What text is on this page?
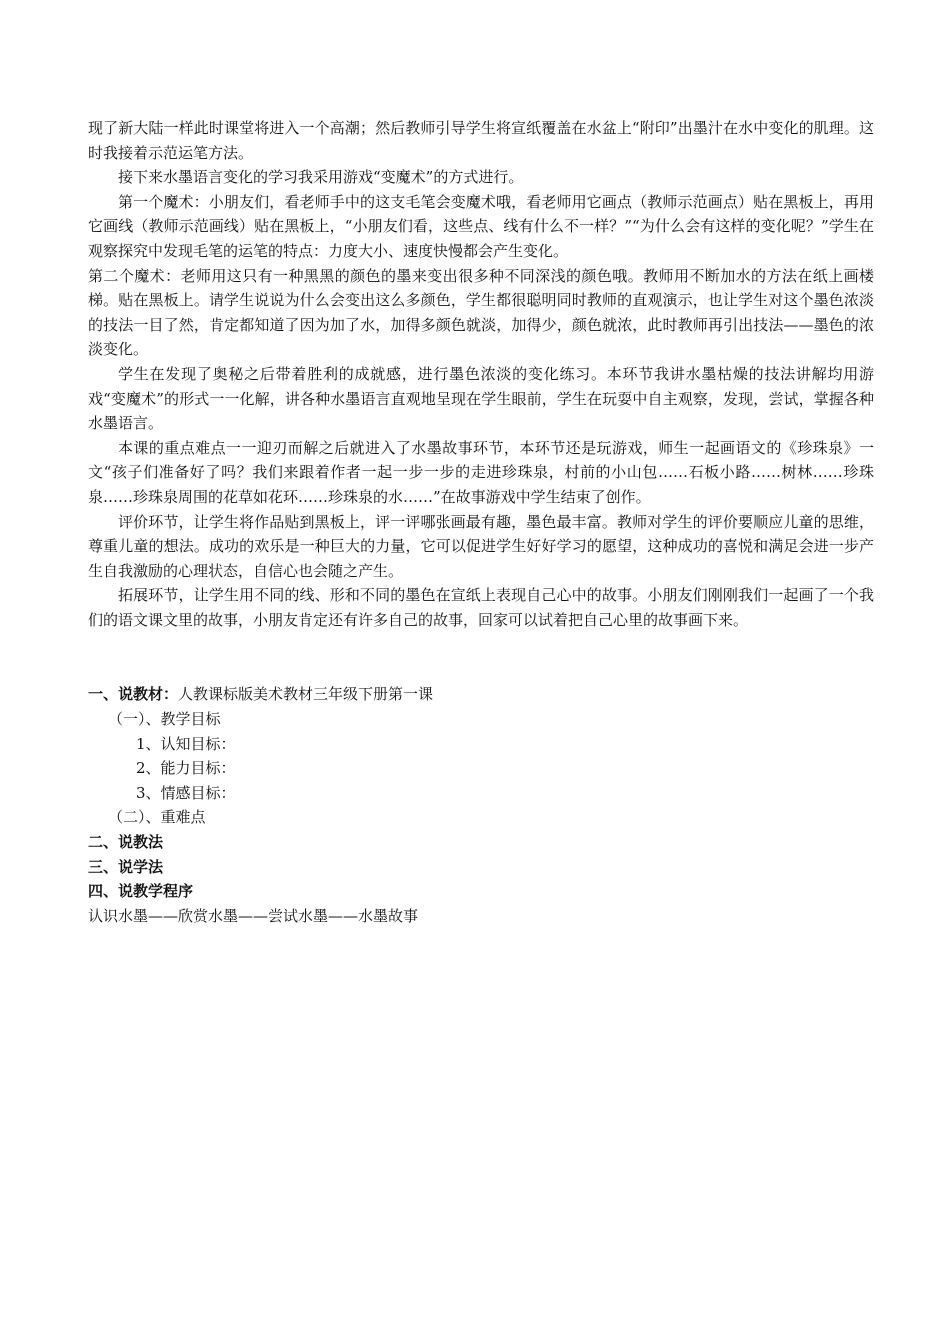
现了新大陆一样此时课堂将进入一个高潮；然后教师引导学生将宣纸覆盖在水盆上“附印”出墨汁在水中变化的肌理。这时我接着示范运笔方法。

接下来水墨语言变化的学习我采用游戏“变魔术”的方式进行。

第一个魔术：小朋友们，看老师手中的这支毛笔会变魔术哦，看老师用它画点（教师示范画点）贴在黑板上，再用它画线（教师示范画线）贴在黑板上，“小朋友们看，这些点、线有什么不一样？”“为什么会有这样的变化呢？”学生在观察探究中发现毛笔的运笔的特点：力度大小、速度快慢都会产生变化。

第二个魔术：老师用这只有一种黑黑的颜色的墨来变出很多种不同深浅的颜色哦。教师用不断加水的方法在纸上画楼梯。贴在黑板上。请学生说说为什么会变出这么多颜色，学生都很聪明同时教师的直观演示，也让学生对这个墨色浓淡的技法一目了然，肯定都知道了因为加了水，加得多颜色就淡，加得少，颜色就浓，此时教师再引出技法——墨色的浓淡变化。

学生在发现了奥秘之后带着胜利的成就感，进行墨色浓淡的变化练习。本环节我讲水墨枯燥的技法讲解均用游戏“变魔术”的形式一一化解，讲各种水墨语言直观地呈现在学生眼前，学生在玩耍中自主观察，发现，尝试，掌握各种水墨语言。

本课的重点难点一一迎刃而解之后就进入了水墨故事环节，本环节还是玩游戏，师生一起画语文的《珍珠泉》一文“孩子们准备好了吗？我们来跟着作者一起一步一步的走进珍珠泉，村前的小山包……石板小路……树林……珍珠泉……珍珠泉周围的花草如花环……珍珠泉的水……”在故事游戏中学生结束了创作。

评价环节，让学生将作品贴到黑板上，评一评哪张画最有趣，墨色最丰富。教师对学生的评价要顺应儿童的思维，尊重儿童的想法。成功的欢乐是一种巨大的力量，它可以促进学生好好学习的愿望，这种成功的喜悦和满足会进一步产生自我激励的心理状态，自信心也会随之产生。

拓展环节，让学生用不同的线、形和不同的墨色在宣纸上表现自己心中的故事。小朋友们刚刚我们一起画了一个我们的语文课文里的故事，小朋友肯定还有许多自己的故事，回家可以试着把自己心里的故事画下来。

一、说教材：人教课标版美术教材三年级下册第一课

（一）、教学目标

1、认知目标：

2、能力目标：

3、情感目标：

（二）、重难点

二、说教法

三、说学法

四、说教学程序

认识水墨——欣赏水墨——尝试水墨——水墨故事
